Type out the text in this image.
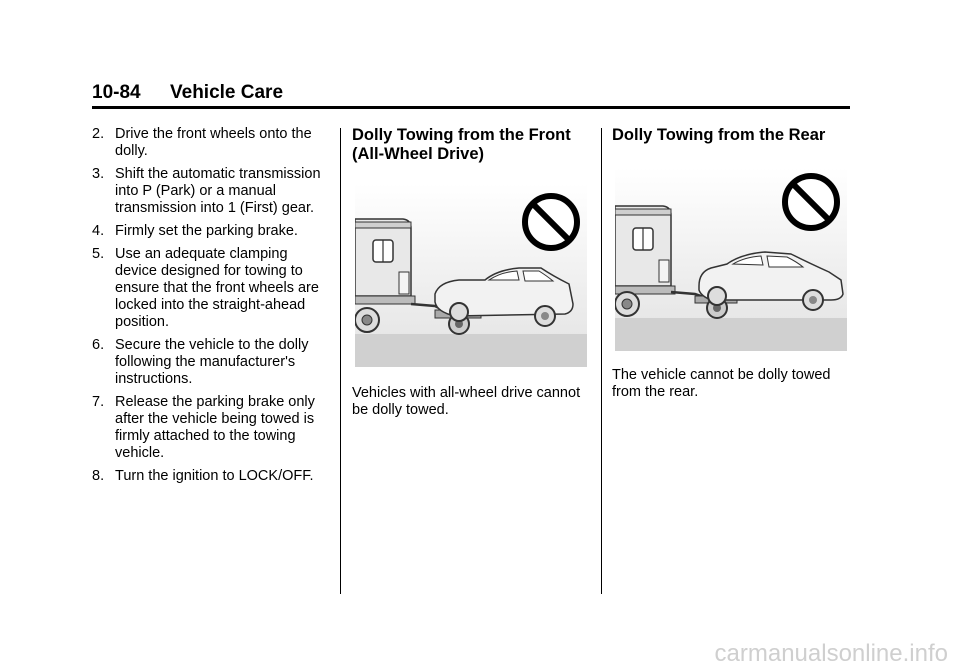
10-84 Vehicle Care
2. Drive the front wheels onto the dolly.
3. Shift the automatic transmission into P (Park) or a manual transmission into 1 (First) gear.
4. Firmly set the parking brake.
5. Use an adequate clamping device designed for towing to ensure that the front wheels are locked into the straight-ahead position.
6. Secure the vehicle to the dolly following the manufacturer's instructions.
7. Release the parking brake only after the vehicle being towed is firmly attached to the towing vehicle.
8. Turn the ignition to LOCK/OFF.
Dolly Towing from the Front (All-Wheel Drive)
Vehicles with all-wheel drive cannot be dolly towed.
Dolly Towing from the Rear
The vehicle cannot be dolly towed from the rear.
carmanualsonline.info
